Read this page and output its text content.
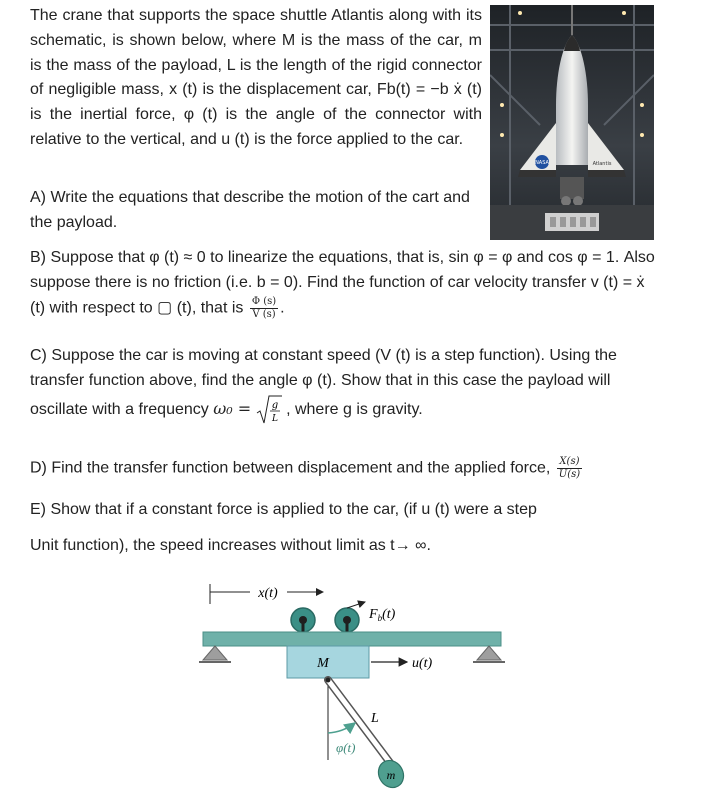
The crane that supports the space shuttle Atlantis along with its schematic, is shown below, where M is the mass of the car, m is the mass of the payload, L is the length of the rigid connector of negligible mass, x (t) is the displacement car, Fb(t) = −b ẋ (t) is the inertial force, φ (t) is the angle of the connector with relative to the vertical, and u (t) is the force applied to the car.

NASA	Atlantis

A) Write the equations that describe the motion of the cart and the payload.

B) Suppose that φ (t) ≈ 0 to linearize the equations, that is, sin φ = φ and cos φ = 1. Also suppose there is no friction (i.e. b = 0). Find the function of car velocity transfer v (t) = ẋ (t) with respect to ▢ (t), that is $\frac{\Phi (s)}{V (s)}$ .

C) Suppose the car is moving at constant speed (V (t) is a step function). Using the transfer function above, find the angle φ (t). Show that in this case the payload will oscillate with a frequency ω₀ = g
L
, where g is gravity.

D) Find the transfer function between displacement and the applied force, $\frac{X(s)}{U(s)}$

E) Show that if a constant force is applied to the car, (if u (t) were a step

Unit function), the speed increases without limit as t→ ∞.

x(t)
$F_b(t)$
M	u(t)
L
φ(t)
m
